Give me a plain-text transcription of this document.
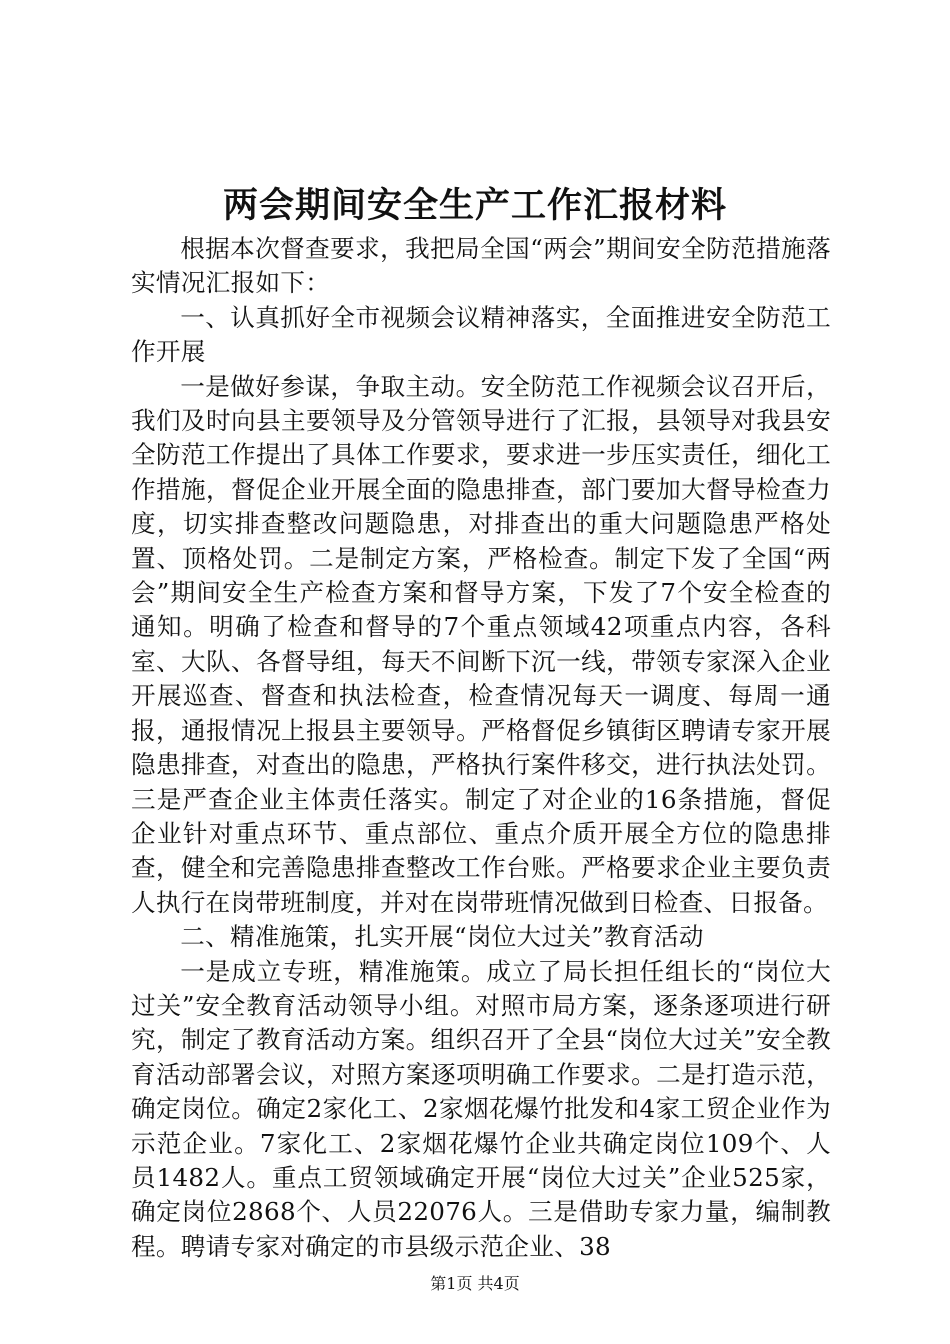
两会期间安全生产工作汇报材料

根据本次督查要求，我把局全国“两会”期间安全防范措施落实情况汇报如下：

一、认真抓好全市视频会议精神落实，全面推进安全防范工作开展

一是做好参谋，争取主动。安全防范工作视频会议召开后，我们及时向县主要领导及分管领导进行了汇报，县领导对我县安全防范工作提出了具体工作要求，要求进一步压实责任，细化工作措施，督促企业开展全面的隐患排查，部门要加大督导检查力度，切实排查整改问题隐患，对排查出的重大问题隐患严格处置、顶格处罚。二是制定方案，严格检查。制定下发了全国“两会”期间安全生产检查方案和督导方案，下发了7个安全检查的通知。明确了检查和督导的7个重点领域42项重点内容，各科室、大队、各督导组，每天不间断下沉一线，带领专家深入企业开展巡查、督查和执法检查，检查情况每天一调度、每周一通报，通报情况上报县主要领导。严格督促乡镇街区聘请专家开展隐患排查，对查出的隐患，严格执行案件移交，进行执法处罚。三是严查企业主体责任落实。制定了对企业的16条措施，督促企业针对重点环节、重点部位、重点介质开展全方位的隐患排查，健全和完善隐患排查整改工作台账。严格要求企业主要负责人执行在岗带班制度，并对在岗带班情况做到日检查、日报备。

二、精准施策，扎实开展“岗位大过关”教育活动

一是成立专班，精准施策。成立了局长担任组长的“岗位大过关”安全教育活动领导小组。对照市局方案，逐条逐项进行研究，制定了教育活动方案。组织召开了全县“岗位大过关”安全教育活动部署会议，对照方案逐项明确工作要求。二是打造示范，确定岗位。确定2家化工、2家烟花爆竹批发和4家工贸企业作为示范企业。7家化工、2家烟花爆竹企业共确定岗位109个、人员1482人。重点工贸领域确定开展“岗位大过关”企业525家，确定岗位2868个、人员22076人。三是借助专家力量，编制教程。聘请专家对确定的市县级示范企业、38

第1页 共4页
